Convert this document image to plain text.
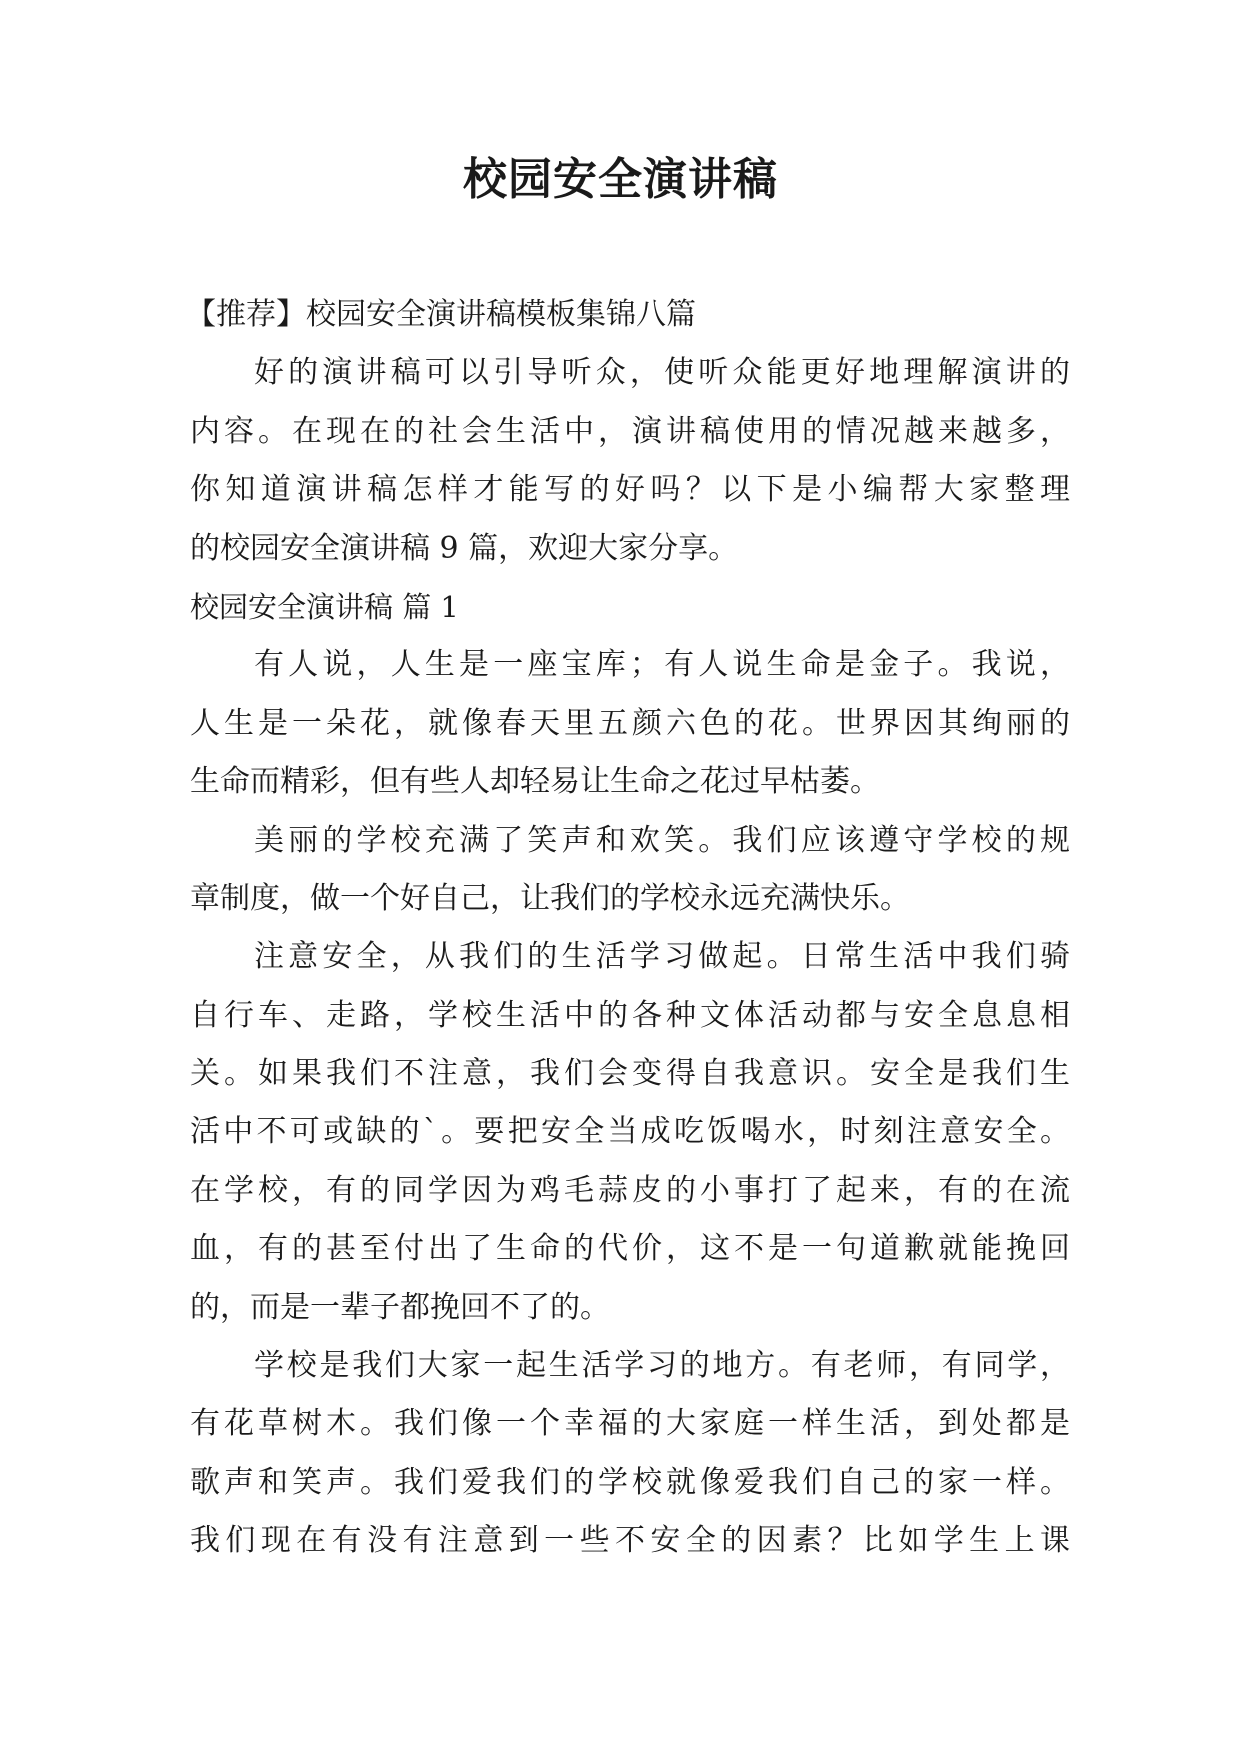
校园安全演讲稿
【推荐】校园安全演讲稿模板集锦八篇
好的演讲稿可以引导听众，使听众能更好地理解演讲的
内容。在现在的社会生活中，演讲稿使用的情况越来越多，
你知道演讲稿怎样才能写的好吗？以下是小编帮大家整理
的校园安全演讲稿 9 篇，欢迎大家分享。
校园安全演讲稿 篇 1
有人说，人生是一座宝库；有人说生命是金子。我说，
人生是一朵花，就像春天里五颜六色的花。世界因其绚丽的
生命而精彩，但有些人却轻易让生命之花过早枯萎。
美丽的学校充满了笑声和欢笑。我们应该遵守学校的规
章制度，做一个好自己，让我们的学校永远充满快乐。
注意安全，从我们的生活学习做起。日常生活中我们骑
自行车、走路，学校生活中的各种文体活动都与安全息息相
关。如果我们不注意，我们会变得自我意识。安全是我们生
活中不可或缺的`。要把安全当成吃饭喝水，时刻注意安全。
在学校，有的同学因为鸡毛蒜皮的小事打了起来，有的在流
血，有的甚至付出了生命的代价，这不是一句道歉就能挽回
的，而是一辈子都挽回不了的。
学校是我们大家一起生活学习的地方。有老师，有同学，
有花草树木。我们像一个幸福的大家庭一样生活，到处都是
歌声和笑声。我们爱我们的学校就像爱我们自己的家一样。
我们现在有没有注意到一些不安全的因素？比如学生上课
